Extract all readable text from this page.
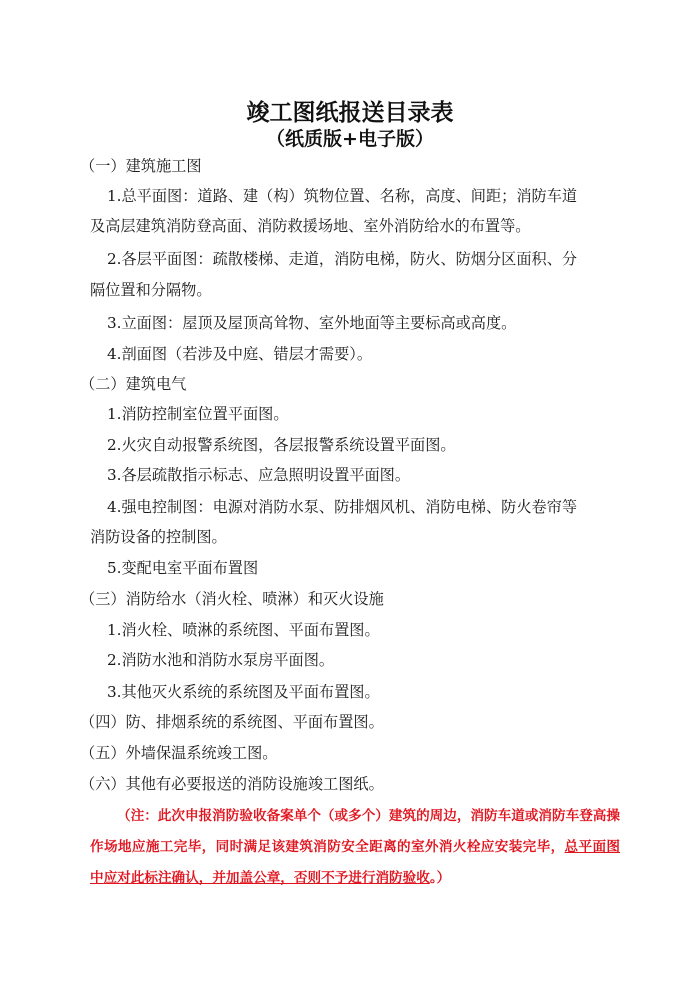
竣工图纸报送目录表
（纸质版+电子版）
（一）建筑施工图
1.总平面图：道路、建（构）筑物位置、名称，高度、间距；消防车道
及高层建筑消防登高面、消防救援场地、室外消防给水的布置等。
2.各层平面图：疏散楼梯、走道，消防电梯，防火、防烟分区面积、分
隔位置和分隔物。
3.立面图：屋顶及屋顶高耸物、室外地面等主要标高或高度。
4.剖面图（若涉及中庭、错层才需要）。
（二）建筑电气
1.消防控制室位置平面图。
2.火灾自动报警系统图，各层报警系统设置平面图。
3.各层疏散指示标志、应急照明设置平面图。
4.强电控制图：电源对消防水泵、防排烟风机、消防电梯、防火卷帘等
消防设备的控制图。
5.变配电室平面布置图
（三）消防给水（消火栓、喷淋）和灭火设施
1.消火栓、喷淋的系统图、平面布置图。
2.消防水池和消防水泵房平面图。
3.其他灭火系统的系统图及平面布置图。
（四）防、排烟系统的系统图、平面布置图。
（五）外墙保温系统竣工图。
（六）其他有必要报送的消防设施竣工图纸。
（注：此次申报消防验收备案单个（或多个）建筑的周边，消防车道或消防车登高操作场地应施工完毕，同时满足该建筑消防安全距离的室外消火栓应安装完毕，总平面图中应对此标注确认，并加盖公章，否则不予进行消防验收。）
